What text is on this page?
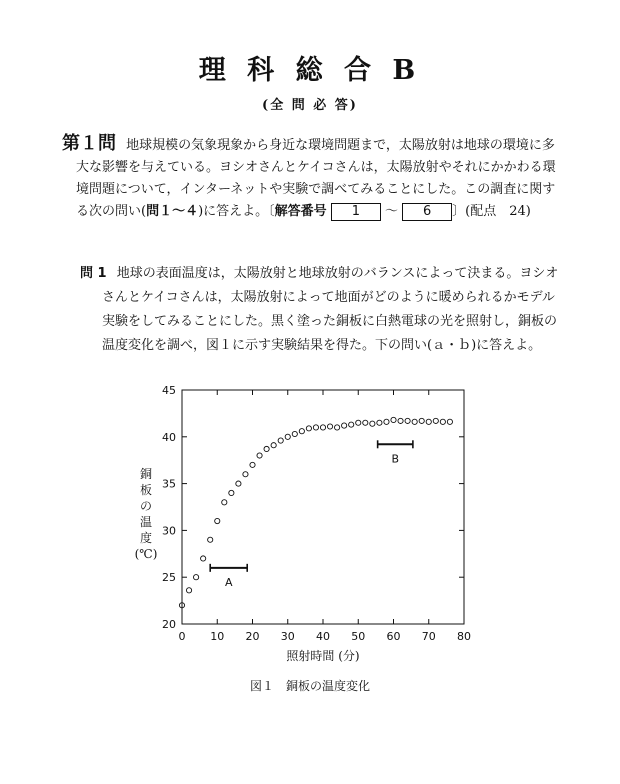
理 科 総 合 B
(全 問 必 答)
第１問 地球規模の気象現象から身近な環境問題まで，太陽放射は地球の環境に多
大な影響を与えている。ヨシオさんとケイコさんは，太陽放射やそれにかかわる環
境問題について，インターネットや実験で調べてみることにした。この調査に関す
る次の問い(問１～４)に答えよ。〔解答番号 1 ～ 6 〕(配点　24)
問 1 地球の表面温度は，太陽放射と地球放射のバランスによって決まる。ヨシオ
さんとケイコさんは，太陽放射によって地面がどのように暖められるかモデル
実験をしてみることにした。黒く塗った銅板に白熱電球の光を照射し，銅板の
温度変化を調べ，図１に示す実験結果を得た。下の問い(ａ・ｂ)に答えよ。
0 10 20 30 40 50 60 70 80
20
25
30
35
40
45
A
B
照射時間 (分)
銅
板
の
温
度
(℃)
図１　銅板の温度変化
